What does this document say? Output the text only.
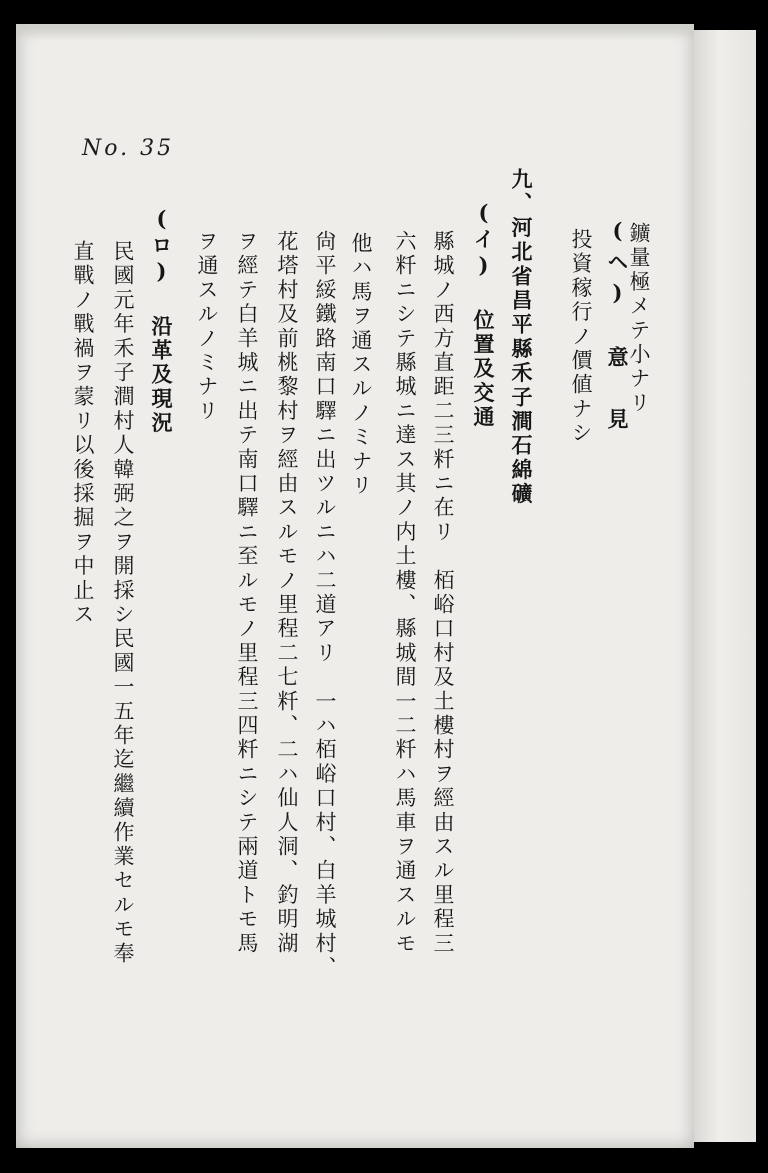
No. 35
鑛量極メテ小ナリ
(ヘ) 意 見
投資稼行ノ價値ナシ
九、河北省昌平縣禾子澗石綿礦
(イ) 位置及交通
縣城ノ西方直距二三粁ニ在リ　栢峪口村及土樓村ヲ經由スル里程三
六粁ニシテ縣城ニ達ス其ノ内土樓、縣城間一二粁ハ馬車ヲ通スルモ
他ハ馬ヲ通スルノミナリ
尙平綏鐵路南口驛ニ出ツルニハ二道アリ　一ハ栢峪口村、白羊城村、
花塔村及前桃黎村ヲ經由スルモノ里程二七粁、二ハ仙人洞、釣明湖
ヲ經テ白羊城ニ出テ南口驛ニ至ルモノ里程三四粁ニシテ兩道トモ馬
ヲ通スルノミナリ
(ロ) 沿革及現況
民國元年禾子澗村人韓弼之ヲ開採シ民國一五年迄繼續作業セルモ奉
直戰ノ戰禍ヲ蒙リ以後採掘ヲ中止ス
